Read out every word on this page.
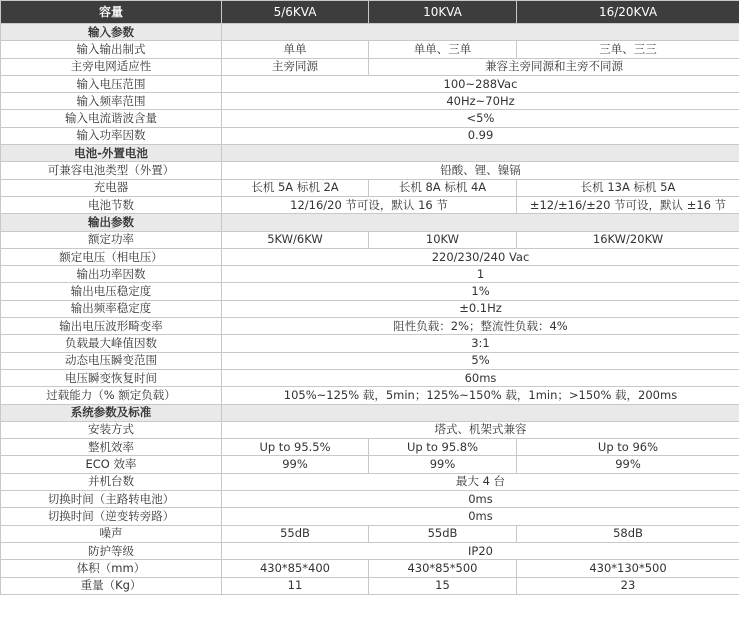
容量	5/6KVA	10KVA	16/20KVA
输入参数			
输入输出制式	单单	单单、三单	三单、三三
主旁电网适应性	主旁同源	兼容主旁同源和主旁不同源	
输入电压范围	100~288Vac		
输入频率范围	40Hz~70Hz		
输入电流谐波含量	<5%		
输入功率因数	0.99		
电池-外置电池			
可兼容电池类型（外置）	铅酸、锂、镍镉		
充电器	长机 5A 标机 2A	长机 8A 标机 4A	长机 13A 标机 5A
电池节数	12/16/20 节可设，默认 16 节		±12/±16/±20 节可设，默认 ±16 节
输出参数			
额定功率	5KW/6KW	10KW	16KW/20KW
额定电压（相电压）	220/230/240 Vac		
输出功率因数	1		
输出电压稳定度	1%		
输出频率稳定度	±0.1Hz		
输出电压波形畸变率	阻性负载：2%；整流性负载：4%		
负载最大峰值因数	3:1		
动态电压瞬变范围	5%		
电压瞬变恢复时间	60ms		
过载能力（% 额定负载）	105%~125% 载，5min；125%~150% 载，1min；>150% 载，200ms		
系统参数及标准			
安装方式	塔式、机架式兼容		
整机效率	Up to 95.5%	Up to 95.8%	Up to 96%
ECO 效率	99%	99%	99%
并机台数	最大 4 台		
切换时间（主路转电池）	0ms		
切换时间（逆变转旁路）	0ms		
噪声	55dB	55dB	58dB
防护等级	IP20		
体积（mm）	430*85*400	430*85*500	430*130*500
重量（Kg）	11	15	23
